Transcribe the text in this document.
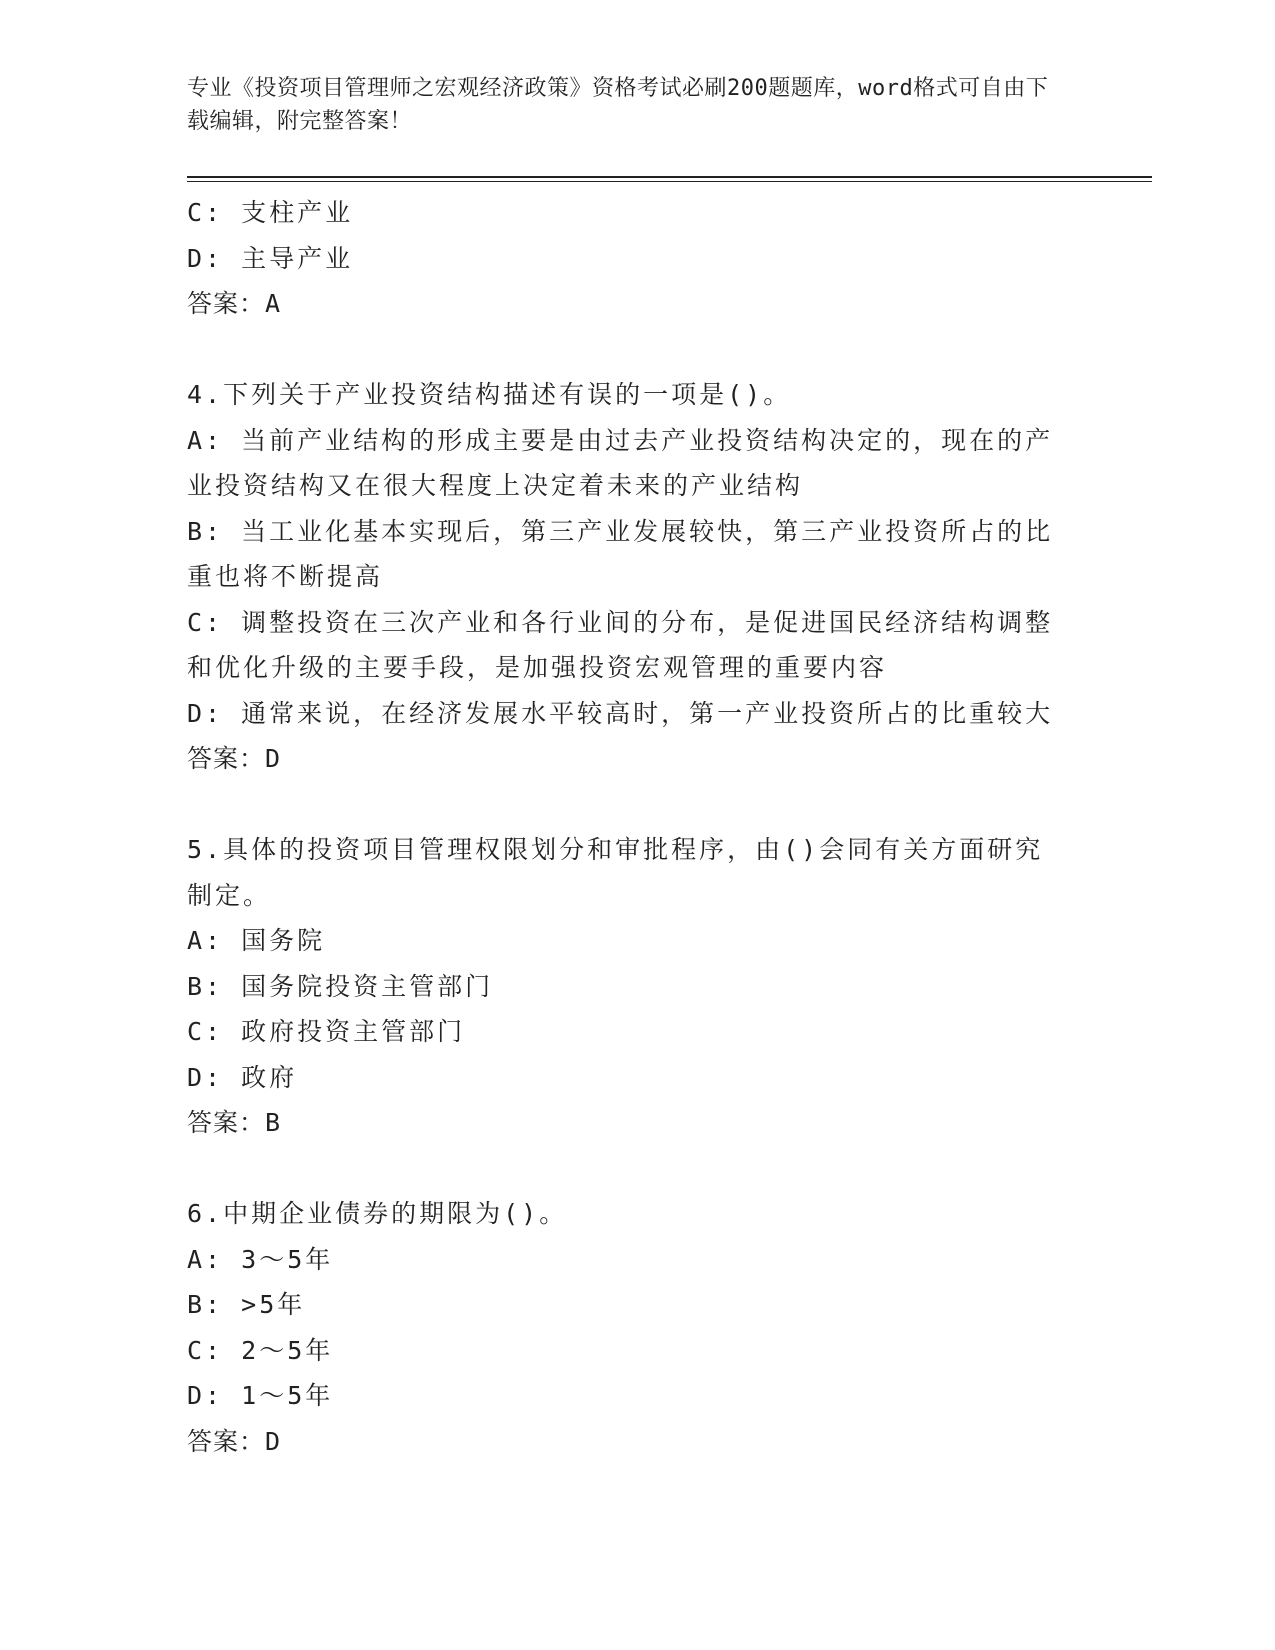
专业《投资项目管理师之宏观经济政策》资格考试必刷200题题库，word格式可自由下载编辑，附完整答案！
C: 支柱产业
D: 主导产业
答案：A
4.下列关于产业投资结构描述有误的一项是()。
A: 当前产业结构的形成主要是由过去产业投资结构决定的，现在的产业投资结构又在很大程度上决定着未来的产业结构
B: 当工业化基本实现后，第三产业发展较快，第三产业投资所占的比重也将不断提高
C: 调整投资在三次产业和各行业间的分布，是促进国民经济结构调整和优化升级的主要手段，是加强投资宏观管理的重要内容
D: 通常来说，在经济发展水平较高时，第一产业投资所占的比重较大
答案：D
5.具体的投资项目管理权限划分和审批程序，由()会同有关方面研究制定。
A: 国务院
B: 国务院投资主管部门
C: 政府投资主管部门
D: 政府
答案：B
6.中期企业债券的期限为()。
A: 3～5年
B: >5年
C: 2～5年
D: 1～5年
答案：D
